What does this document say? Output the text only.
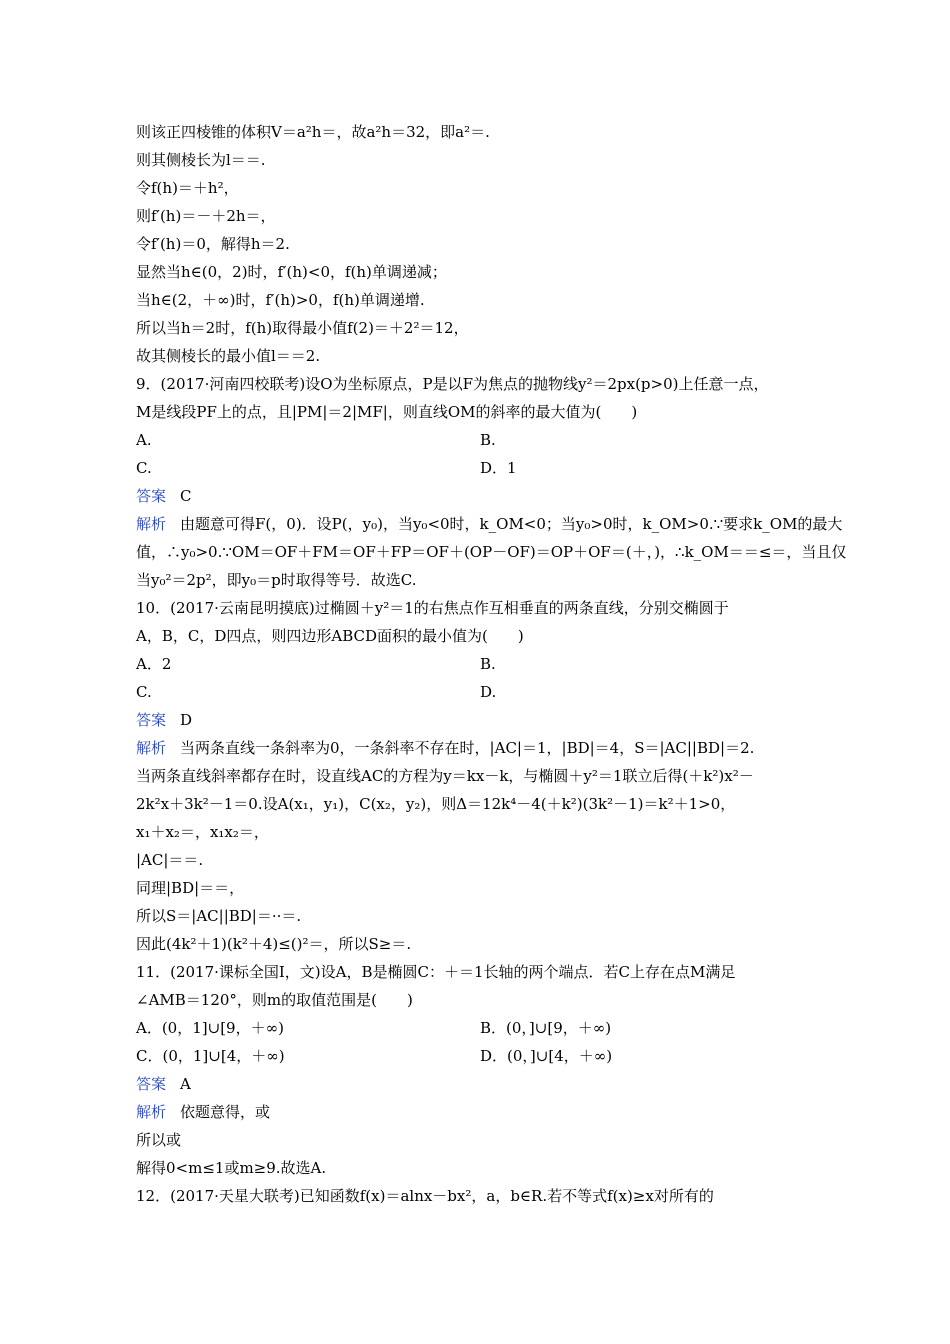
则该正四棱锥的体积V＝a²h＝，故a²h＝32，即a²＝.
则其侧棱长为l＝＝.
令f(h)＝＋h²，
则f′(h)＝－＋2h＝，
令f′(h)＝0，解得h＝2.
显然当h∈(0，2)时，f′(h)<0，f(h)单调递减；
当h∈(2，＋∞)时，f′(h)>0，f(h)单调递增.
所以当h＝2时，f(h)取得最小值f(2)＝＋2²＝12，
故其侧棱长的最小值l＝＝2.
9．(2017·河南四校联考)设O为坐标原点，P是以F为焦点的抛物线y²＝2px(p>0)上任意一点，
M是线段PF上的点，且|PM|＝2|MF|，则直线OM的斜率的最大值为(　　)
A.	B.
C.	D．1
答案 C
解析 由题意可得F(，0)．设P(，y₀)，当y₀<0时，k_OM<0；当y₀>0时，k_OM>0.∵要求k_OM的最大
值，∴y₀>0.∵OM＝OF＋FM＝OF＋FP＝OF＋(OP－OF)＝OP＋OF＝(＋，)，∴k_OM＝＝≤＝，当且仅
当y₀²＝2p²，即y₀＝p时取得等号．故选C.
10．(2017·云南昆明摸底)过椭圆＋y²＝1的右焦点作互相垂直的两条直线，分别交椭圆于
A，B，C，D四点，则四边形ABCD面积的最小值为(　　)
A．2	B.
C.	D.
答案 D
解析 当两条直线一条斜率为0，一条斜率不存在时，|AC|＝1，|BD|＝4，S＝|AC||BD|＝2.
当两条直线斜率都存在时，设直线AC的方程为y＝kx－k，与椭圆＋y²＝1联立后得(＋k²)x²－
2k²x＋3k²－1＝0.设A(x₁，y₁)，C(x₂，y₂)，则Δ＝12k⁴－4(＋k²)(3k²－1)＝k²＋1>0，
x₁＋x₂＝，x₁x₂＝，
|AC|＝＝.
同理|BD|＝＝，
所以S＝|AC||BD|＝··＝.
因此(4k²＋1)(k²＋4)≤()²＝，所以S≥＝.
11．(2017·课标全国Ⅰ，文)设A，B是椭圆C：＋＝1长轴的两个端点．若C上存在点M满足
∠AMB＝120°，则m的取值范围是(　　)
A．(0，1]∪[9，＋∞)	B．(0，]∪[9，＋∞)
C．(0，1]∪[4，＋∞)	D．(0，]∪[4，＋∞)
答案 A
解析 依题意得，或
所以或
解得0<m≤1或m≥9.故选A.
12．(2017·天星大联考)已知函数f(x)＝alnx－bx²，a，b∈R.若不等式f(x)≥x对所有的
